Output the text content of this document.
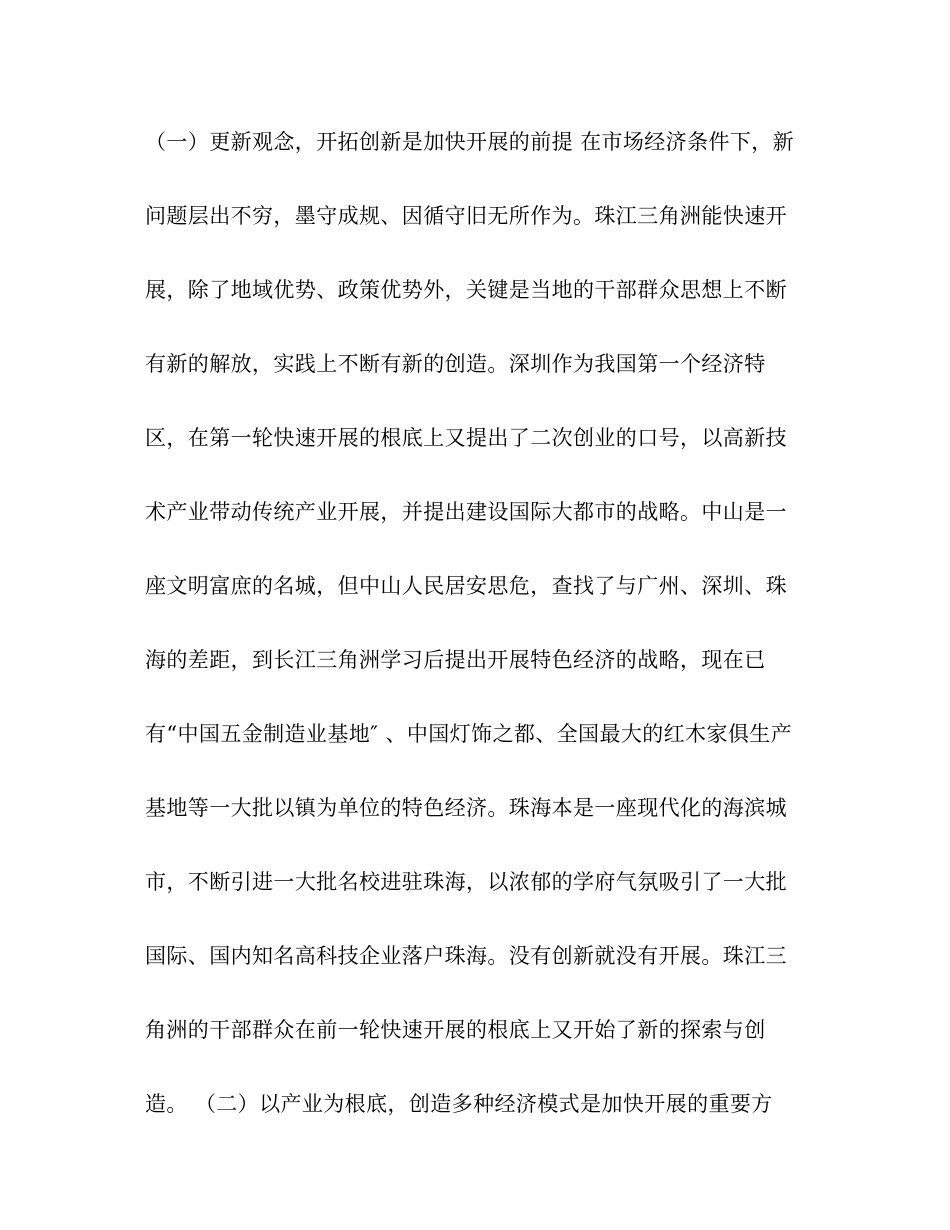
（一）更新观念，开拓创新是加快开展的前提 在市场经济条件下，新
问题层出不穷，墨守成规、因循守旧无所作为。珠江三角洲能快速开
展，除了地域优势、政策优势外，关键是当地的干部群众思想上不断
有新的解放，实践上不断有新的创造。深圳作为我国第一个经济特
区，在第一轮快速开展的根底上又提出了二次创业的口号，以高新技
术产业带动传统产业开展，并提出建设国际大都市的战略。中山是一
座文明富庶的名城，但中山人民居安思危，查找了与广州、深圳、珠
海的差距，到长江三角洲学习后提出开展特色经济的战略，现在已
有“中国五金制造业基地″ 、中国灯饰之都、全国最大的红木家俱生产
基地等一大批以镇为单位的特色经济。珠海本是一座现代化的海滨城
市，不断引进一大批名校进驻珠海，以浓郁的学府气氛吸引了一大批
国际、国内知名高科技企业落户珠海。没有创新就没有开展。珠江三
角洲的干部群众在前一轮快速开展的根底上又开始了新的探索与创
造。 （二）以产业为根底，创造多种经济模式是加快开展的重要方
